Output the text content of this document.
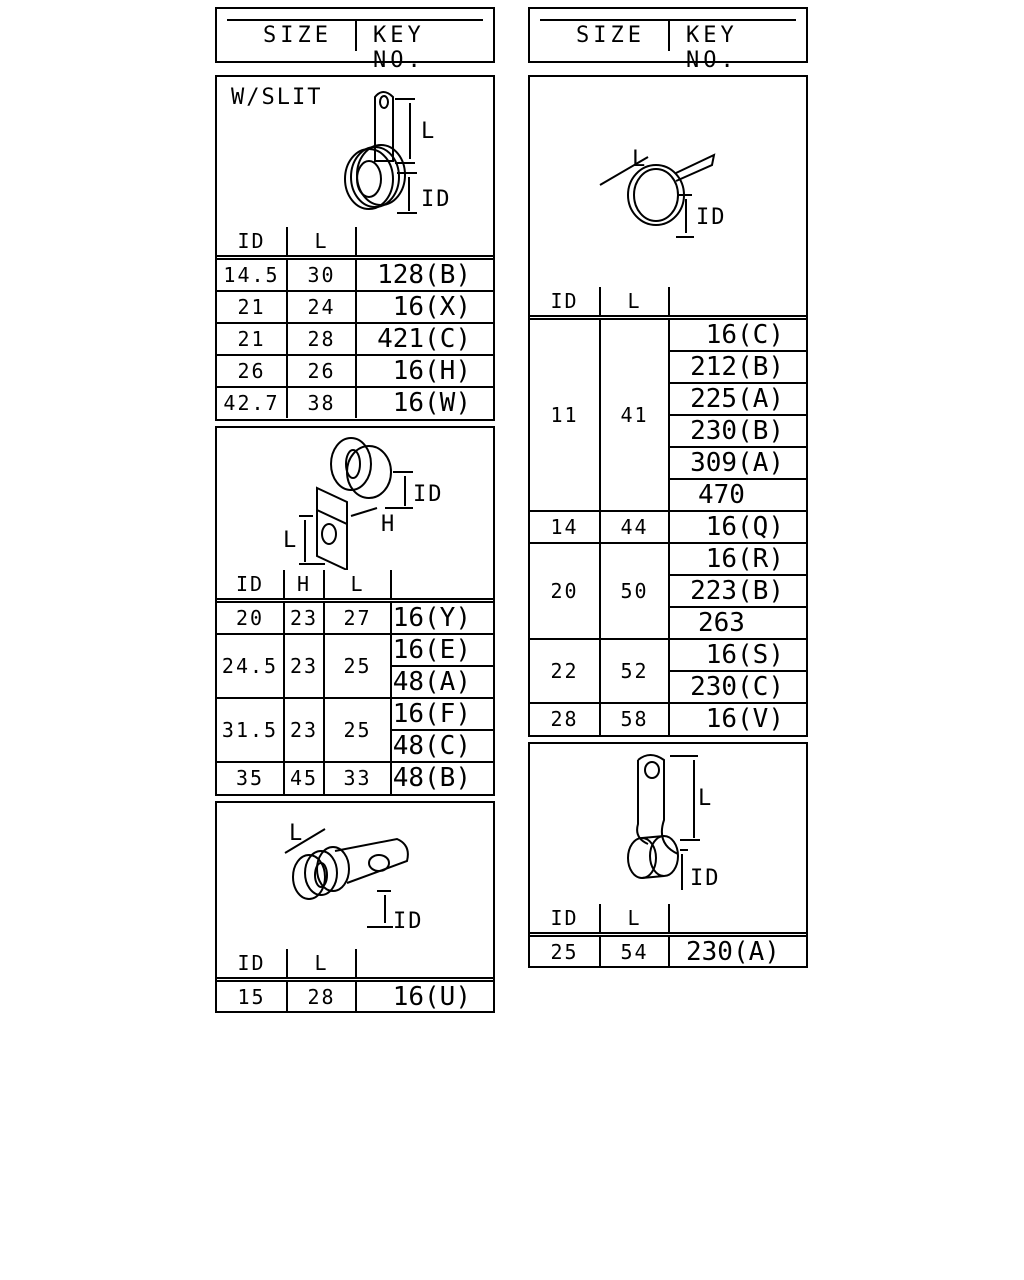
SIZE KEY NO.
SIZE KEY NO.
W/SLIT
L
ID
ID	L	
14.5	30	128(B)
21	24	16(X)
21	28	421(C)
26	26	16(H)
42.7	38	16(W)
ID
H
L
ID	H	L	
20	23	27	16(Y)
24.5	23	25	16(E)
			48(A)
31.5	23	25	16(F)
			48(C)
35	45	33	48(B)
L
ID
ID	L	
15	28	16(U)
L
ID
ID	L	
11	41	16(C)
		212(B)
		225(A)
		230(B)
		309(A)
		470
14	44	16(Q)
20	50	16(R)
		223(B)
		263
22	52	16(S)
		230(C)
28	58	16(V)
L
ID
ID	L	
25	54	230(A)
